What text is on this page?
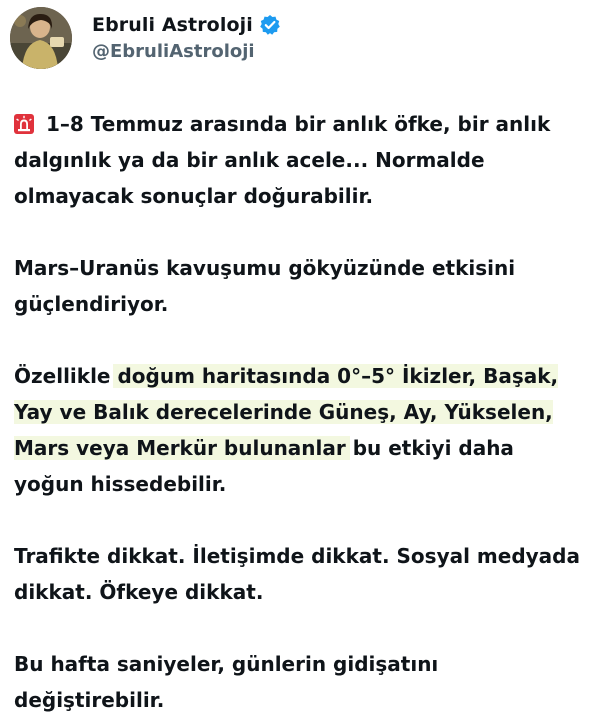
Ebruli Astroloji
@EbruliAstroloji

1–8 Temmuz arasında bir anlık öfke, bir anlık dalgınlık ya da bir anlık acele... Normalde olmayacak sonuçlar doğurabilir.

Mars–Uranüs kavuşumu gökyüzünde etkisini güçlendiriyor.

Özellikle doğum haritasında 0°–5° İkizler, Başak, Yay ve Balık derecelerinde Güneş, Ay, Yükselen, Mars veya Merkür bulunanlar bu etkiyi daha yoğun hissedebilir.

Trafikte dikkat. İletişimde dikkat. Sosyal medyada dikkat. Öfkeye dikkat.

Bu hafta saniyeler, günlerin gidişatını değiştirebilir.
